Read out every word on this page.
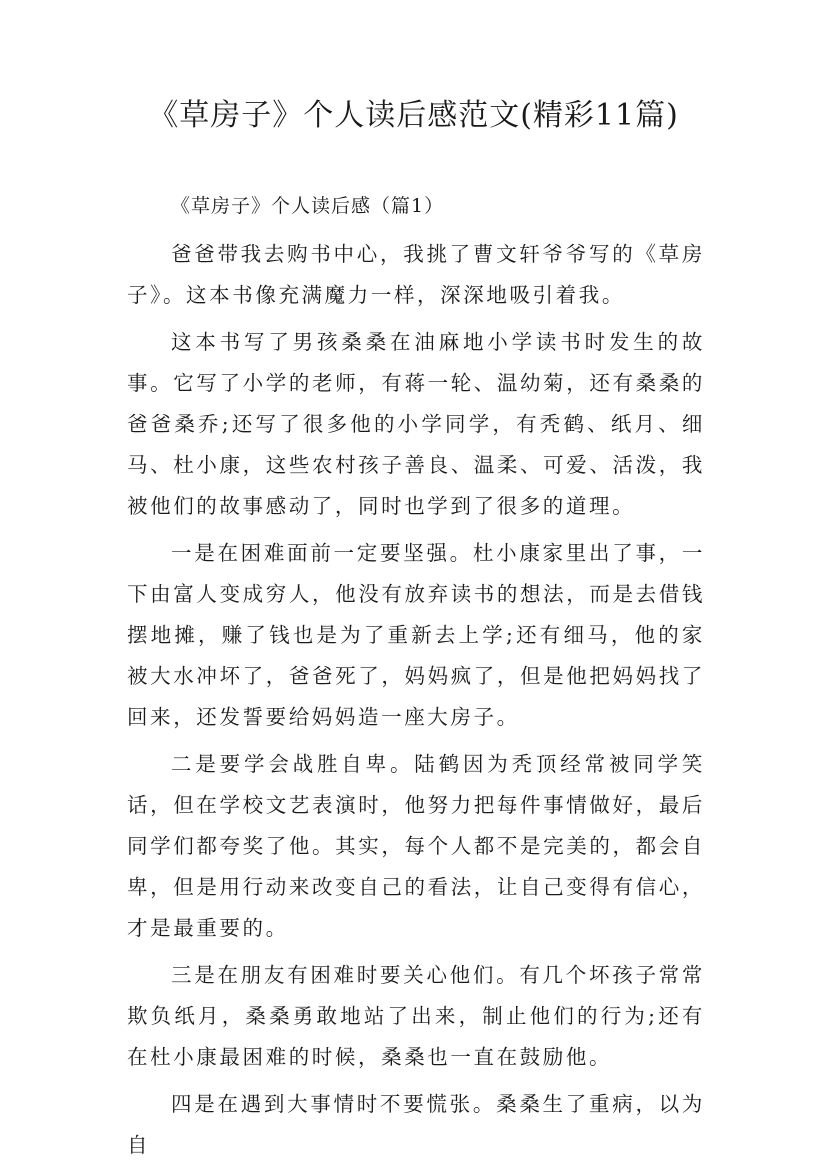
《草房子》个人读后感范文(精彩11篇)

《草房子》个人读后感（篇1）

爸爸带我去购书中心，我挑了曹文轩爷爷写的《草房子》。这本书像充满魔力一样，深深地吸引着我。

这本书写了男孩桑桑在油麻地小学读书时发生的故事。它写了小学的老师，有蒋一轮、温幼菊，还有桑桑的爸爸桑乔;还写了很多他的小学同学，有秃鹤、纸月、细马、杜小康，这些农村孩子善良、温柔、可爱、活泼，我被他们的故事感动了，同时也学到了很多的道理。

一是在困难面前一定要坚强。杜小康家里出了事，一下由富人变成穷人，他没有放弃读书的想法，而是去借钱摆地摊，赚了钱也是为了重新去上学;还有细马，他的家被大水冲坏了，爸爸死了，妈妈疯了，但是他把妈妈找了回来，还发誓要给妈妈造一座大房子。

二是要学会战胜自卑。陆鹤因为秃顶经常被同学笑话，但在学校文艺表演时，他努力把每件事情做好，最后同学们都夸奖了他。其实，每个人都不是完美的，都会自卑，但是用行动来改变自己的看法，让自己变得有信心，才是最重要的。

三是在朋友有困难时要关心他们。有几个坏孩子常常欺负纸月，桑桑勇敢地站了出来，制止他们的行为;还有在杜小康最困难的时候，桑桑也一直在鼓励他。

四是在遇到大事情时不要慌张。桑桑生了重病，以为自
